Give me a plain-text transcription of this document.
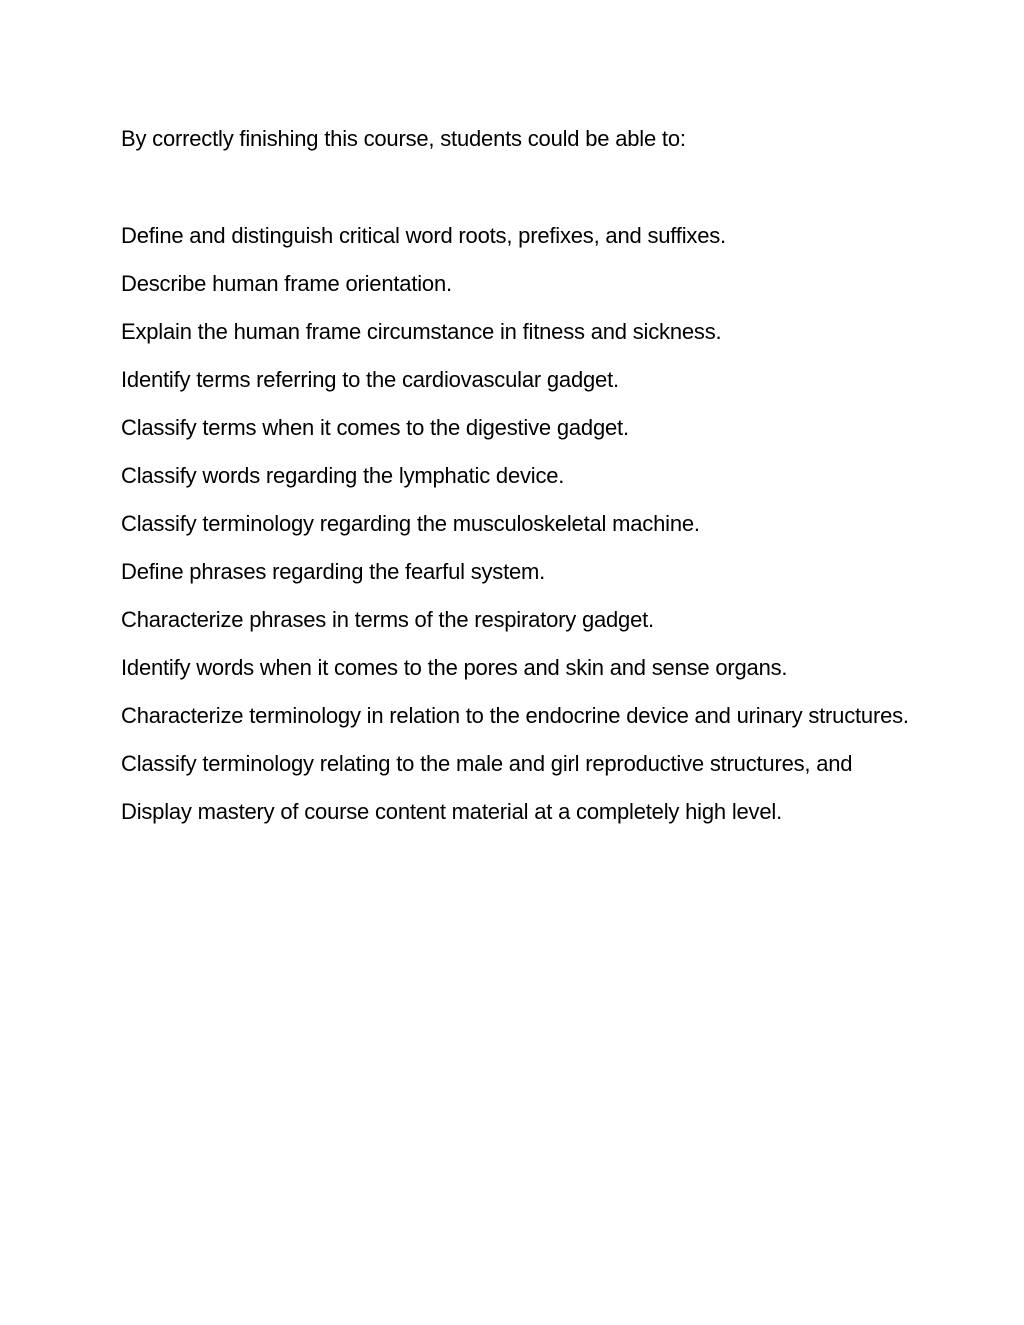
By correctly finishing this course, students could be able to:

Define and distinguish critical word roots, prefixes, and suffixes.
Describe human frame orientation.
Explain the human frame circumstance in fitness and sickness.
Identify terms referring to the cardiovascular gadget.
Classify terms when it comes to the digestive gadget.
Classify words regarding the lymphatic device.
Classify terminology regarding the musculoskeletal machine.
Define phrases regarding the fearful system.
Characterize phrases in terms of the respiratory gadget.
Identify words when it comes to the pores and skin and sense organs.
Characterize terminology in relation to the endocrine device and urinary structures.
Classify terminology relating to the male and girl reproductive structures, and
Display mastery of course content material at a completely high level.
